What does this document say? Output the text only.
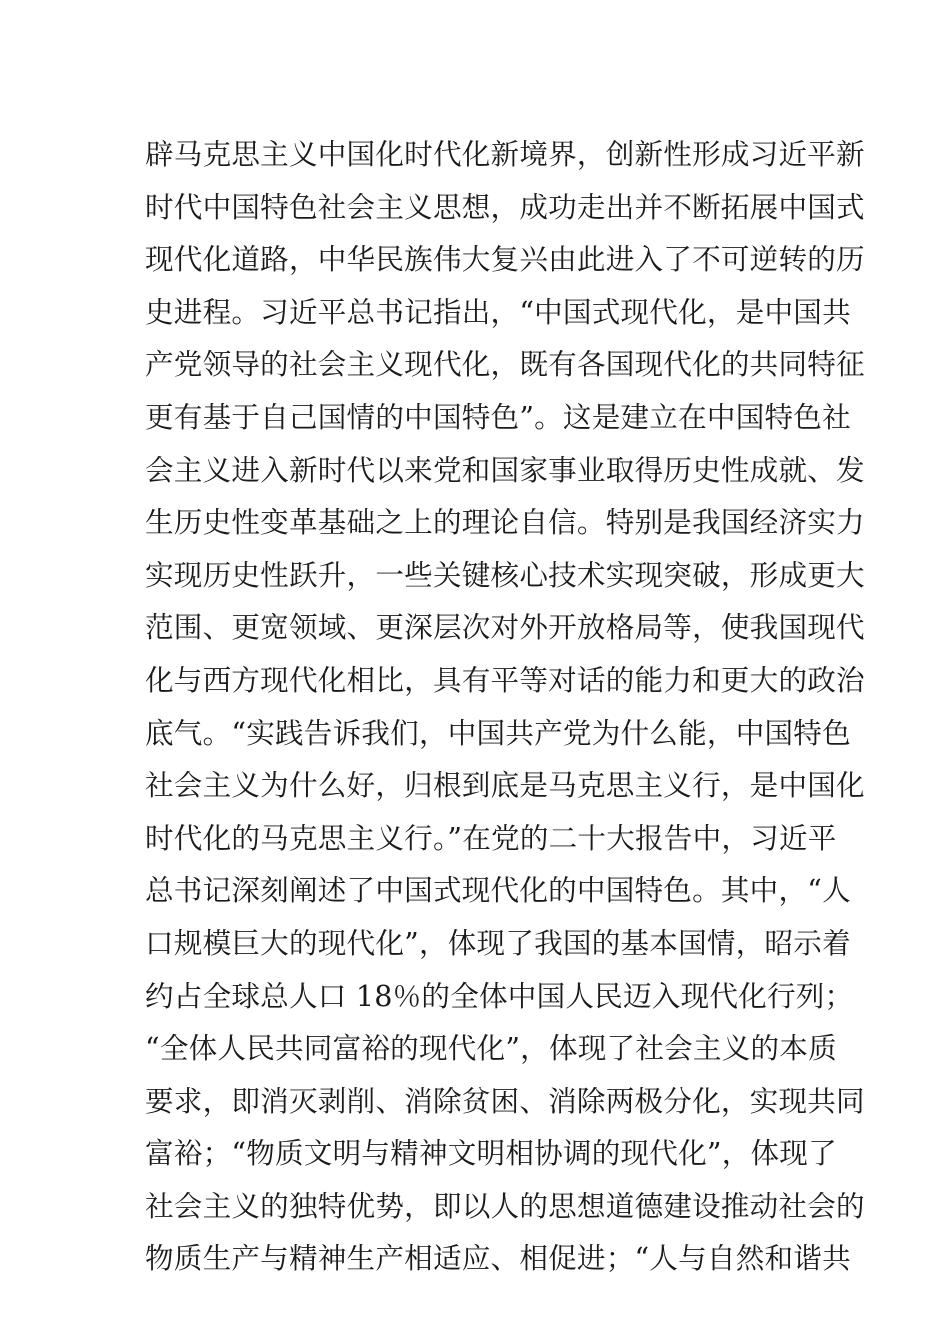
辟马克思主义中国化时代化新境界，创新性形成习近平新
时代中国特色社会主义思想，成功走出并不断拓展中国式
现代化道路，中华民族伟大复兴由此进入了不可逆转的历
史进程。习近平总书记指出，“中国式现代化，是中国共
产党领导的社会主义现代化，既有各国现代化的共同特征
更有基于自己国情的中国特色”。这是建立在中国特色社
会主义进入新时代以来党和国家事业取得历史性成就、发
生历史性变革基础之上的理论自信。特别是我国经济实力
实现历史性跃升，一些关键核心技术实现突破，形成更大
范围、更宽领域、更深层次对外开放格局等，使我国现代
化与西方现代化相比，具有平等对话的能力和更大的政治
底气。“实践告诉我们，中国共产党为什么能，中国特色
社会主义为什么好，归根到底是马克思主义行，是中国化
时代化的马克思主义行。”在党的二十大报告中，习近平
总书记深刻阐述了中国式现代化的中国特色。其中，“人
口规模巨大的现代化”，体现了我国的基本国情，昭示着
约占全球总人口 18％的全体中国人民迈入现代化行列；
“全体人民共同富裕的现代化”，体现了社会主义的本质
要求，即消灭剥削、消除贫困、消除两极分化，实现共同
富裕；“物质文明与精神文明相协调的现代化”，体现了
社会主义的独特优势，即以人的思想道德建设推动社会的
物质生产与精神生产相适应、相促进；“人与自然和谐共
